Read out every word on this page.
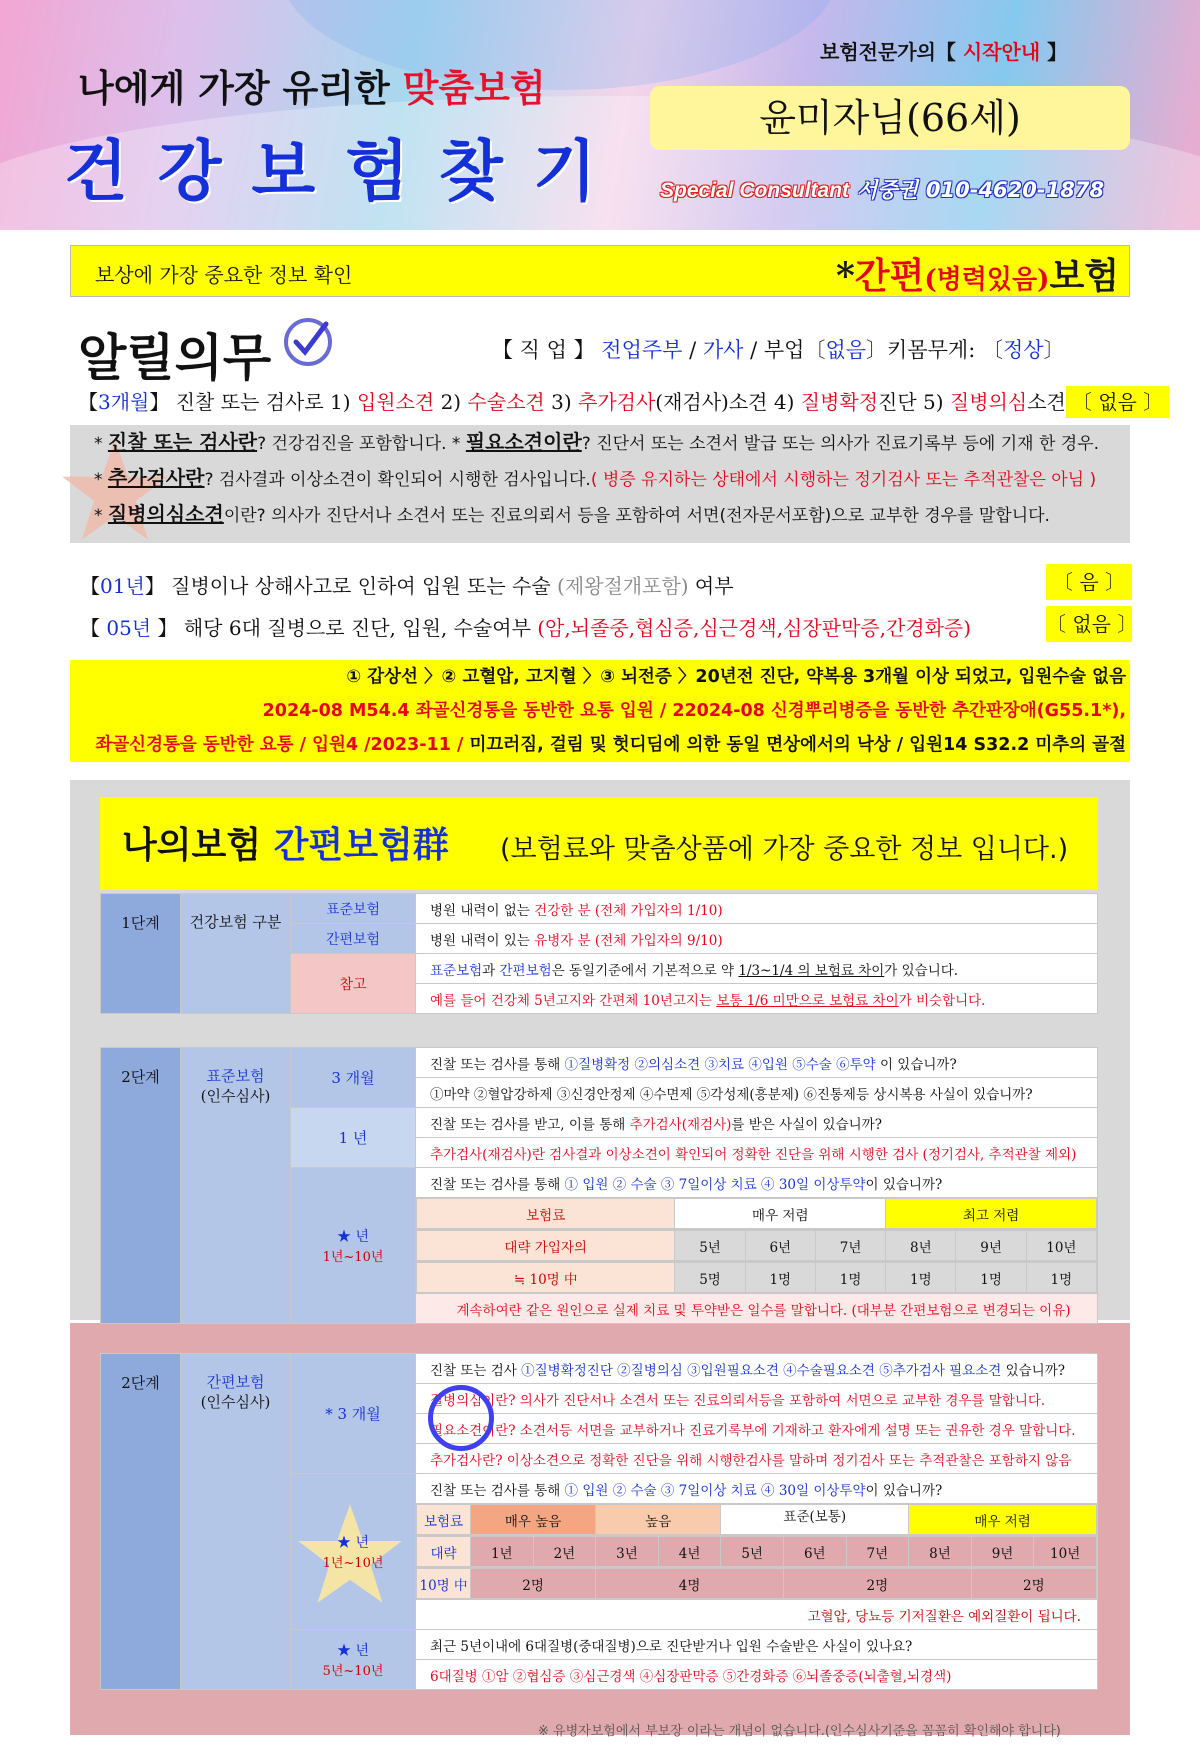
나에게 가장 유리한 맞춤보험
건강보험찾기
보험전문가의【 시작안내 】
윤미자님(66세)
Special Consultant 서중권 010-4620-1878
보상에 가장 중요한 정보 확인	*간편(병력있음)보험
알릴의무	【 직 업 】 전업주부 / 가사 / 부업〔없음〕키몸무게: 〔정상〕
【3개월】 진찰 또는 검사로 1) 입원소견 2) 수술소견 3) 추가검사(재검사)소견 4) 질병확정진단 5) 질병의심소견 〔 없음 〕

* 진찰 또는 검사란? 건강검진을 포함합니다. * 필요소견이란? 진단서 또는 소견서 발급 또는 의사가 진료기록부 등에 기재 한 경우.

* 추가검사란? 검사결과 이상소견이 확인되어 시행한 검사입니다.( 병증 유지하는 상태에서 시행하는 정기검사 또는 추적관찰은 아님 )

* 질병의심소견이란? 의사가 진단서나 소견서 또는 진료의뢰서 등을 포함하여 서면(전자문서포함)으로 교부한 경우를 말합니다.

【01년】 질병이나 상해사고로 인하여 입원 또는 수술 (제왕절개포함) 여부	〔 음 〕
【 05년 】 해당 6대 질병으로 진단, 입원, 수술여부 (암,뇌졸중,협심증,심근경색,심장판막증,간경화증)	〔 없음 〕

① 갑상선 〉② 고혈압, 고지혈 〉③ 뇌전증 〉20년전 진단, 약복용 3개월 이상 되었고, 입원수술 없음

2024-08 M54.4 좌골신경통을 동반한 요통 입원 / 22024-08 신경뿌리병증을 동반한 추간판장애(G55.1*),

좌골신경통을 동반한 요통 / 입원4 /2023-11 / 미끄러짐, 걸림 및 헛디딤에 의한 동일 면상에서의 낙상 / 입원14 S32.2 미추의 골절

나의보험 간편보험群 (보험료와 맞춤상품에 가장 중요한 정보 입니다.)
1단계	건강보험 구분	표준보험	병원 내력이 없는 건강한 분 (전체 가입자의 1/10)
		간편보험	병원 내력이 있는 유병자 분 (전체 가입자의 9/10)
		참고	표준보험과 간편보험은 동일기준에서 기본적으로 약 1/3~1/4 의 보험료 차이가 있습니다.
			예를 들어 건강체 5년고지와 간편체 10년고지는 보통 1/6 미만으로 보험료 차이가 비슷합니다.
2단계	표준보험
(인수심사)	3 개월	진찰 또는 검사를 통해 ①질병확정 ②의심소견 ③치료 ④입원 ⑤수술 ⑥투약 이 있습니까?
①마약 ②혈압강하제 ③신경안정제 ④수면제 ⑤각성제(흥분제) ⑥진통제등 상시복용 사실이 있습니까?
1 년	진찰 또는 검사를 받고, 이를 통해 추가검사(재검사)를 받은 사실이 있습니까?
추가검사(재검사)란 검사결과 이상소견이 확인되어 정확한 진단을 위해 시행한 검사 (정기검사, 추적관찰 제외)
★ 년
1년~10년	진찰 또는 검사를 통해 ① 입원 ② 수술 ③ 7일이상 치료 ④ 30일 이상투약이 있습니까?

보험료	매우 저렴	최고 저렴

대략 가입자의	5년	6년	7년	8년	9년	10년

≒ 10명 中	5명	1명	1명	1명	1명	1명

계속하여란 같은 원인으로 실제 치료 및 투약받은 일수를 말합니다. (대부분 간편보험으로 변경되는 이유)
2단계	간편보험
(인수심사)	* 3 개월	진찰 또는 검사 ①질병확정진단 ②질병의심 ③입원필요소견 ④수술필요소견 ⑤추가검사 필요소견 있습니까?
질병의심이란? 의사가 진단서나 소견서 또는 진료의뢰서등을 포함하여 서면으로 교부한 경우를 말합니다.
필요소견이란? 소견서등 서면을 교부하거나 진료기록부에 기재하고 환자에게 설명 또는 권유한 경우 말합니다.
추가검사란? 이상소견으로 정확한 진단을 위해 시행한검사를 말하며 정기검사 또는 추적관찰은 포함하지 않음

★ 년
1년~10년	진찰 또는 검사를 통해 ① 입원 ② 수술 ③ 7일이상 치료 ④ 30일 이상투약이 있습니까?

보험료	매우 높음	높음	표준(보통)	매우 저렴

대략	1년	2년	3년	4년	5년	6년	7년	8년	9년	10년

10명 中	2명	4명	2명	2명

고혈압, 당뇨등 기저질환은 예외질환이 됩니다.
★ 년
5년~10년	최근 5년이내에 6대질병(중대질병)으로 진단받거나 입원 수술받은 사실이 있나요?
6대질병 ①암 ②협심증 ③심근경색 ④심장판막증 ⑤간경화증 ⑥뇌졸중증(뇌출혈,뇌경색)
※ 유병자보험에서 부보장 이라는 개념이 없습니다.(인수심사기준을 꼼꼼히 확인해야 합니다)
